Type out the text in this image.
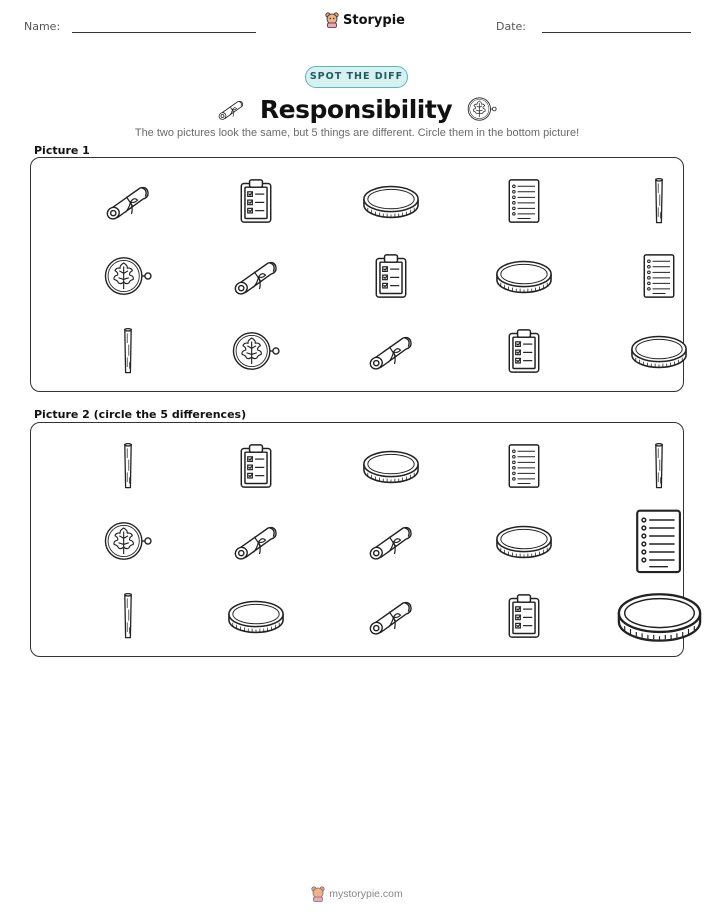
Name:	Storypie	Date:
SPOT THE DIFF
Responsibility
The two pictures look the same, but 5 things are different. Circle them in the bottom picture!
Picture 1
Picture 2 (circle the 5 differences)
mystorypie.com
